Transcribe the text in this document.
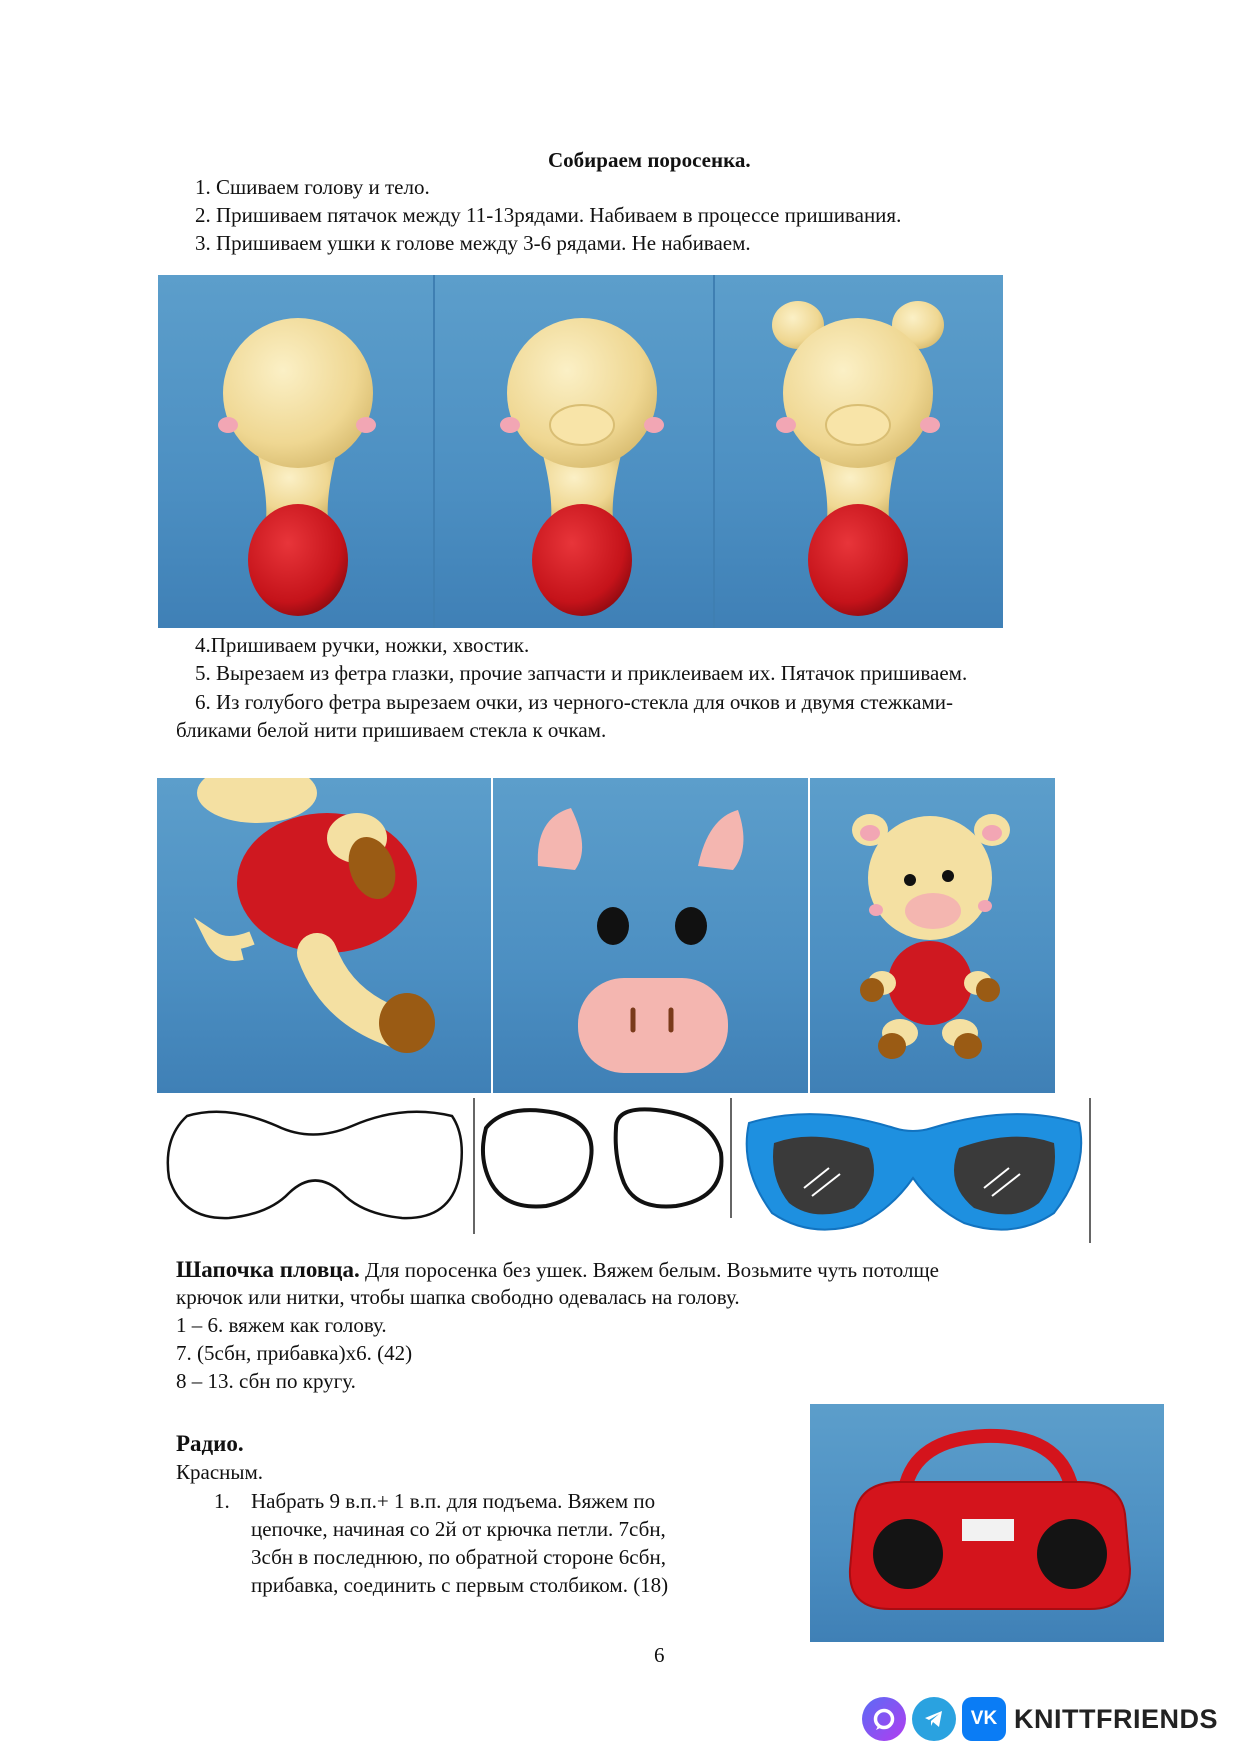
Собираем поросенка.
1. Сшиваем голову и тело.
2. Пришиваем пятачок между 11-13рядами. Набиваем в процессе пришивания.
3. Пришиваем ушки к голове между 3-6 рядами. Не набиваем.
4.Пришиваем ручки, ножки, хвостик.
5. Вырезаем из фетра глазки, прочие запчасти и приклеиваем их. Пятачок пришиваем.
6. Из голубого фетра вырезаем очки, из черного-стекла для очков и двумя стежками-
бликами белой нити пришиваем стекла к очкам.
Шапочка пловца. Для поросенка без ушек. Вяжем белым. Возьмите чуть потолще
крючок или нитки, чтобы шапка свободно одевалась на голову.
1 – 6. вяжем как голову.
7. (5сбн, прибавка)х6. (42)
8 – 13. сбн по кругу.
Радио.
Красным.
1. Набрать 9 в.п.+ 1 в.п. для подъема. Вяжем по
цепочке, начиная со 2й от крючка петли. 7сбн,
3сбн в последнюю, по обратной стороне 6сбн,
прибавка, соединить с первым столбиком. (18)
6
VK KNITTFRIENDS
